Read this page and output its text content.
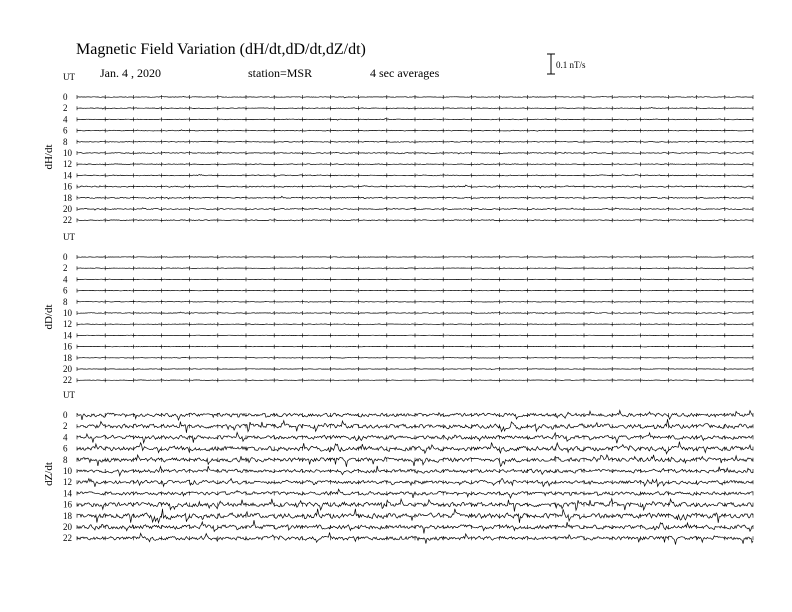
Magnetic Field Variation (dH/dt,dD/dt,dZ/dt)
Jan. 4 , 2020	station=MSR	4 sec averages
0.1 nT/s
UT
dH/dt
0
2
4
6
8
10
12
14
16
18
20
22
UT
dD/dt
0
2
4
6
8
10
12
14
16
18
20
22
UT
dZ/dt
0
2
4
6
8
10
12
14
16
18
20
22
